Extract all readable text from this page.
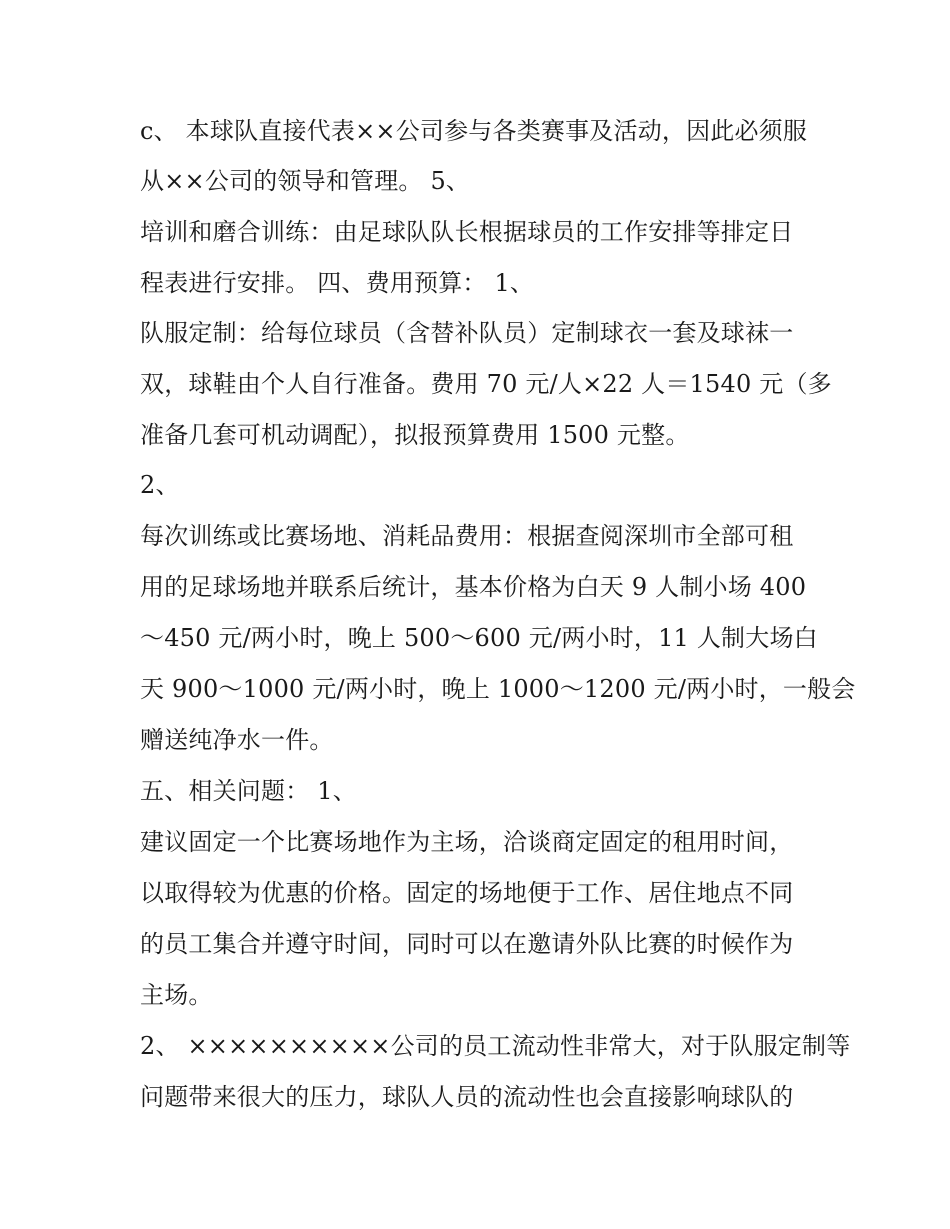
c、 本球队直接代表××公司参与各类赛事及活动，因此必须服
从××公司的领导和管理。 5、
培训和磨合训练：由足球队队长根据球员的工作安排等排定日
程表进行安排。 四、费用预算： 1、
队服定制：给每位球员（含替补队员）定制球衣一套及球袜一
双，球鞋由个人自行准备。费用 70 元/人×22 人＝1540 元（多
准备几套可机动调配），拟报预算费用 1500 元整。
2、
每次训练或比赛场地、消耗品费用：根据查阅深圳市全部可租
用的足球场地并联系后统计，基本价格为白天 9 人制小场 400
～450 元/两小时，晚上 500～600 元/两小时，11 人制大场白
天 900～1000 元/两小时，晚上 1000～1200 元/两小时，一般会
赠送纯净水一件。
五、相关问题： 1、
建议固定一个比赛场地作为主场，洽谈商定固定的租用时间，
以取得较为优惠的价格。固定的场地便于工作、居住地点不同
的员工集合并遵守时间，同时可以在邀请外队比赛的时候作为
主场。
2、 ××××××××××公司的员工流动性非常大，对于队服定制等
问题带来很大的压力，球队人员的流动性也会直接影响球队的
